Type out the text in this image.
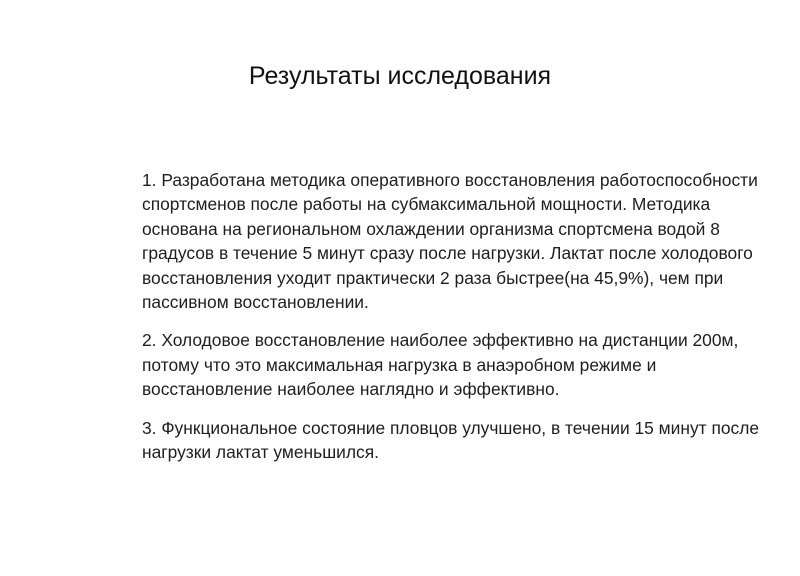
Результаты исследования

1. Разработана методика оперативного восстановления работоспособности
спортсменов после работы на субмаксимальной мощности. Методика
основана на региональном охлаждении организма спортсмена водой 8
градусов в течение 5 минут сразу после нагрузки. Лактат после холодового
восстановления уходит практически 2 раза быстрее(на 45,9%), чем при
пассивном восстановлении.

2. Холодовое восстановление наиболее эффективно на дистанции 200м,
потому что это максимальная нагрузка в анаэробном режиме и
восстановление наиболее наглядно и эффективно.

3. Функциональное состояние пловцов улучшено, в течении 15 минут после
нагрузки лактат уменьшился.
